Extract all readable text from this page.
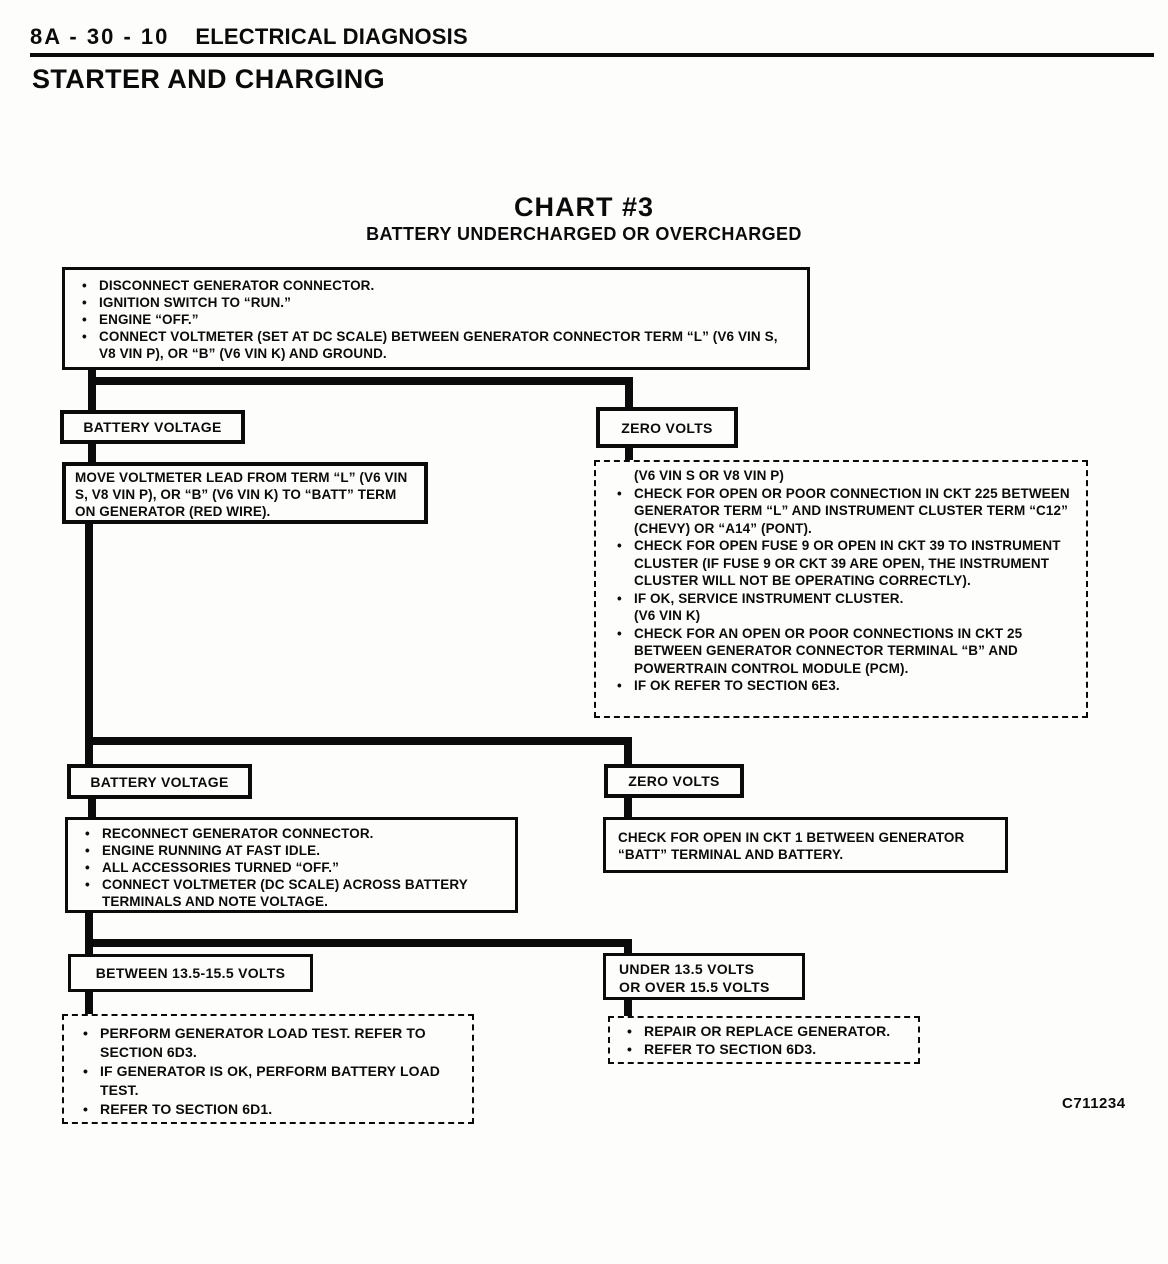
8A - 30 - 10 ELECTRICAL DIAGNOSIS
STARTER AND CHARGING
CHART #3
BATTERY UNDERCHARGED OR OVERCHARGED
• DISCONNECT GENERATOR CONNECTOR.
• IGNITION SWITCH TO “RUN.”
• ENGINE “OFF.”
• CONNECT VOLTMETER (SET AT DC SCALE) BETWEEN GENERATOR CONNECTOR TERM “L” (V6 VIN S, V8 VIN P), OR “B” (V6 VIN K) AND GROUND.
BATTERY VOLTAGE	ZERO VOLTS
MOVE VOLTMETER LEAD FROM TERM “L” (V6 VIN S, V8 VIN P), OR “B” (V6 VIN K) TO “BATT” TERM ON GENERATOR (RED WIRE).
(V6 VIN S OR V8 VIN P)
• CHECK FOR OPEN OR POOR CONNECTION IN CKT 225 BETWEEN GENERATOR TERM “L” AND INSTRUMENT CLUSTER TERM “C12” (CHEVY) OR “A14” (PONT).
• CHECK FOR OPEN FUSE 9 OR OPEN IN CKT 39 TO INSTRUMENT CLUSTER (IF FUSE 9 OR CKT 39 ARE OPEN, THE INSTRUMENT CLUSTER WILL NOT BE OPERATING CORRECTLY).
• IF OK, SERVICE INSTRUMENT CLUSTER.
(V6 VIN K)
• CHECK FOR AN OPEN OR POOR CONNECTIONS IN CKT 25 BETWEEN GENERATOR CONNECTOR TERMINAL “B” AND POWERTRAIN CONTROL MODULE (PCM).
• IF OK REFER TO SECTION 6E3.
BATTERY VOLTAGE	ZERO VOLTS
• RECONNECT GENERATOR CONNECTOR.
• ENGINE RUNNING AT FAST IDLE.
• ALL ACCESSORIES TURNED “OFF.”
• CONNECT VOLTMETER (DC SCALE) ACROSS BATTERY TERMINALS AND NOTE VOLTAGE.
CHECK FOR OPEN IN CKT 1 BETWEEN GENERATOR “BATT” TERMINAL AND BATTERY.
BETWEEN 13.5-15.5 VOLTS	UNDER 13.5 VOLTS
OR OVER 15.5 VOLTS
• PERFORM GENERATOR LOAD TEST. REFER TO SECTION 6D3.
• IF GENERATOR IS OK, PERFORM BATTERY LOAD TEST.
• REFER TO SECTION 6D1.
• REPAIR OR REPLACE GENERATOR.
• REFER TO SECTION 6D3.
C711234
